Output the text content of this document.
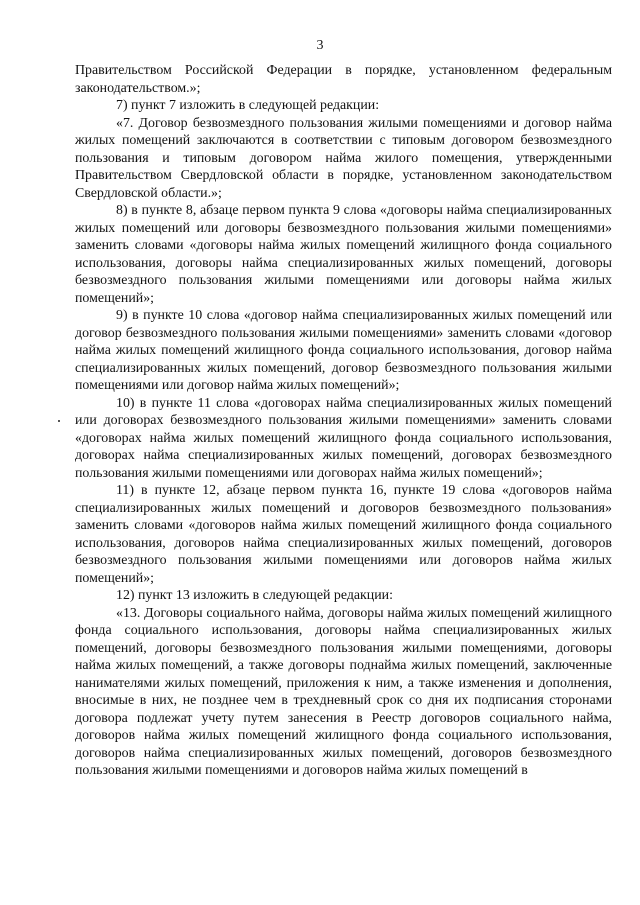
3

Правительством Российской Федерации в порядке, установленном федеральным законодательством.»;

7) пункт 7 изложить в следующей редакции:

«7. Договор безвозмездного пользования жилыми помещениями и договор найма жилых помещений заключаются в соответствии с типовым договором безвозмездного пользования и типовым договором найма жилого помещения, утвержденными Правительством Свердловской области в порядке, установленном законодательством Свердловской области.»;

8) в пункте 8, абзаце первом пункта 9 слова «договоры найма специализированных жилых помещений или договоры безвозмездного пользования жилыми помещениями» заменить словами «договоры найма жилых помещений жилищного фонда социального использования, договоры найма специализированных жилых помещений, договоры безвозмездного пользования жилыми помещениями или договоры найма жилых помещений»;

9) в пункте 10 слова «договор найма специализированных жилых помещений или договор безвозмездного пользования жилыми помещениями» заменить словами «договор найма жилых помещений жилищного фонда социального использования, договор найма специализированных жилых помещений, договор безвозмездного пользования жилыми помещениями или договор найма жилых помещений»;

10) в пункте 11 слова «договорах найма специализированных жилых помещений или договорах безвозмездного пользования жилыми помещениями» заменить словами «договорах найма жилых помещений жилищного фонда социального использования, договорах найма специализированных жилых помещений, договорах безвозмездного пользования жилыми помещениями или договорах найма жилых помещений»;

11) в пункте 12, абзаце первом пункта 16, пункте 19 слова «договоров найма специализированных жилых помещений и договоров безвозмездного пользования» заменить словами «договоров найма жилых помещений жилищного фонда социального использования, договоров найма специализированных жилых помещений, договоров безвозмездного пользования жилыми помещениями или договоров найма жилых помещений»;

12) пункт 13 изложить в следующей редакции:

«13. Договоры социального найма, договоры найма жилых помещений жилищного фонда социального использования, договоры найма специализированных жилых помещений, договоры безвозмездного пользования жилыми помещениями, договоры найма жилых помещений, а также договоры поднайма жилых помещений, заключенные нанимателями жилых помещений, приложения к ним, а также изменения и дополнения, вносимые в них, не позднее чем в трехдневный срок со дня их подписания сторонами договора подлежат учету путем занесения в Реестр договоров социального найма, договоров найма жилых помещений жилищного фонда социального использования, договоров найма специализированных жилых помещений, договоров безвозмездного пользования жилыми помещениями и договоров найма жилых помещений в
